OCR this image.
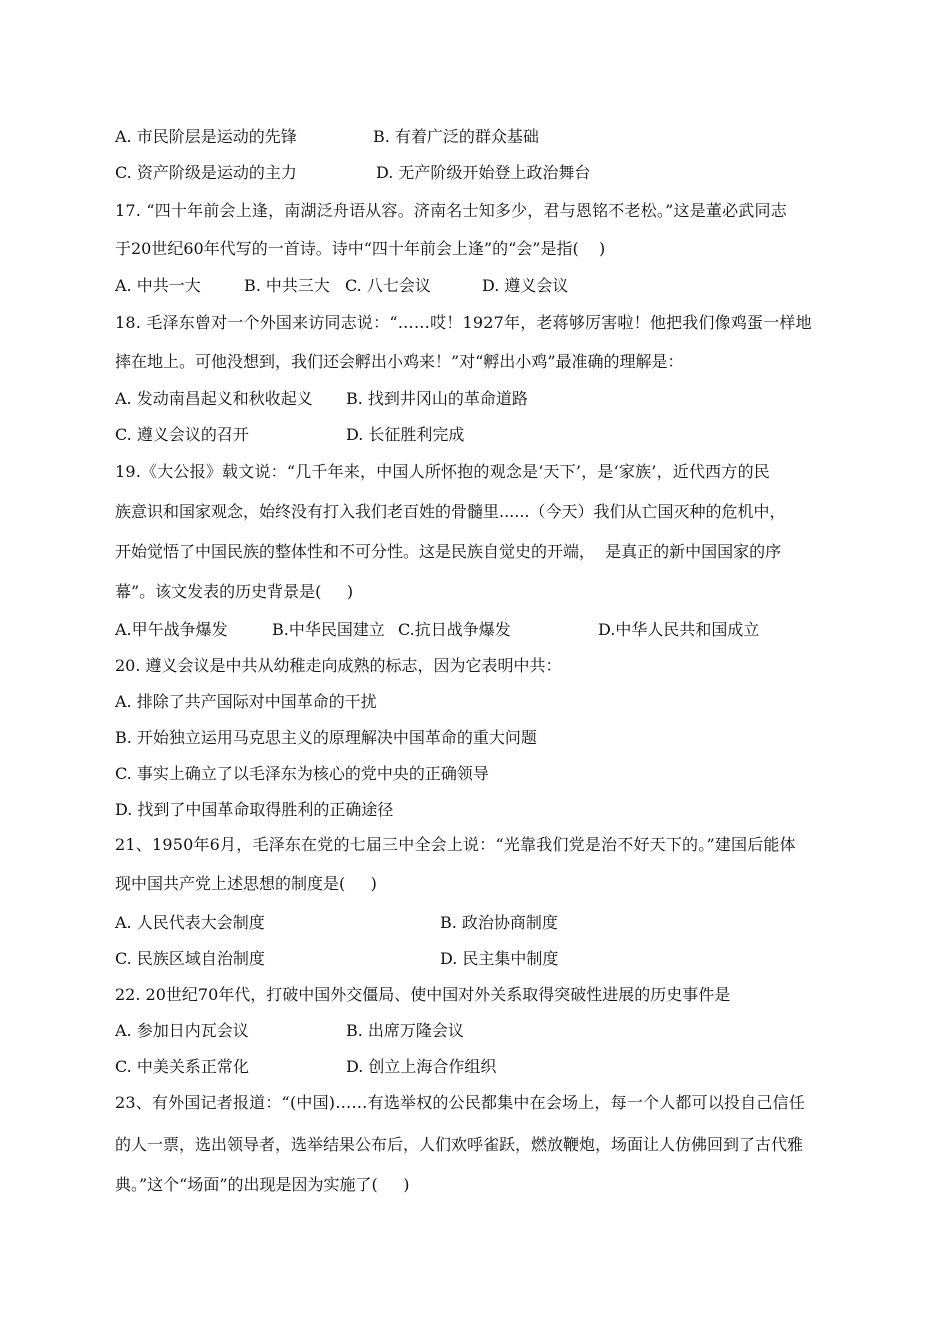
A. 市民阶层是运动的先锋	B. 有着广泛的群众基础
C. 资产阶级是运动的主力	D. 无产阶级开始登上政治舞台
17. “四十年前会上逢，南湖泛舟语从容。济南名士知多少，君与恩铭不老松。”这是董必武同志
于20世纪60年代写的一首诗。诗中“四十年前会上逢”的“会”是指(    )
A. 中共一大	B. 中共三大 C. 八七会议	D. 遵义会议
18. 毛泽东曾对一个外国来访同志说：“……哎！1927年，老蒋够厉害啦！他把我们像鸡蛋一样地
摔在地上。可他没想到，我们还会孵出小鸡来！”对“孵出小鸡”最准确的理解是：
A. 发动南昌起义和秋收起义 B. 找到井冈山的革命道路
C. 遵义会议的召开	D. 长征胜利完成
19.《大公报》载文说：“几千年来，中国人所怀抱的观念是‘天下’，是‘家族’，近代西方的民
族意识和国家观念，始终没有打入我们老百姓的骨髓里......（今天）我们从亡国灭种的危机中，
开始觉悟了中国民族的整体性和不可分性。这是民族自觉史的开端，  是真正的新中国国家的序
幕”。该文发表的历史背景是(     )
A.甲午战争爆发	B.中华民国建立 C.抗日战争爆发	D.中华人民共和国成立
20. 遵义会议是中共从幼稚走向成熟的标志，因为它表明中共：
A. 排除了共产国际对中国革命的干扰
B. 开始独立运用马克思主义的原理解决中国革命的重大问题
C. 事实上确立了以毛泽东为核心的党中央的正确领导
D. 找到了中国革命取得胜利的正确途径
21、1950年6月，毛泽东在党的七届三中全会上说：“光靠我们党是治不好天下的。”建国后能体
现中国共产党上述思想的制度是(     )
A. 人民代表大会制度	B. 政治协商制度
C. 民族区域自治制度	D. 民主集中制度
22. 20世纪70年代，打破中国外交僵局、使中国对外关系取得突破性进展的历史事件是
A. 参加日内瓦会议	B. 出席万隆会议
C. 中美关系正常化	D. 创立上海合作组织
23、有外国记者报道：“(中国)……有选举权的公民都集中在会场上，每一个人都可以投自己信任
的人一票，选出领导者，选举结果公布后，人们欢呼雀跃，燃放鞭炮，场面让人仿佛回到了古代雅
典。”这个“场面”的出现是因为实施了(     )
